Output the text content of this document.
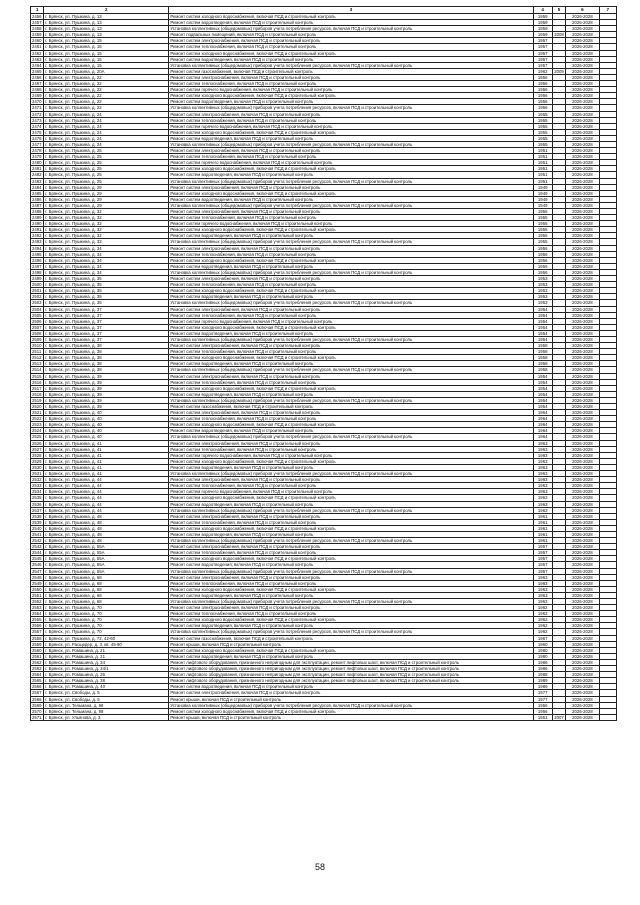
1	2	3	4	5	6	7
2456	г. Брянск, ул. Пушкина, д. 13	Ремонт систем холодного водоснабжения, включая ПСД и строительный контроль	1959		2026-2028	
2457	г. Брянск, ул. Пушкина, д. 13	Ремонт систем водоотведения, включая ПСД и строительный контроль	1959		2026-2028	
2458	г. Брянск, ул. Пушкина, д. 13	Установка коллективных (общедомовых) приборов учета потребления ресурсов, включая ПСД и строительный контроль	1959		2026-2028	
2459	г. Брянск, ул. Пушкина, д. 13	Ремонт подвальных помещений, включая ПСД и строительный контроль	1959	2008	2026-2028	
2460	г. Брянск, ул. Пушкина, д. 15	Ремонт систем электроснабжения, включая ПСД и строительный контроль	1957		2026-2028	
2461	г. Брянск, ул. Пушкина, д. 15	Ремонт систем теплоснабжения, включая ПСД и строительный контроль	1957		2026-2028	
2462	г. Брянск, ул. Пушкина, д. 15	Ремонт систем холодного водоснабжения, включая ПСД и строительный контроль	1957		2026-2028	
2463	г. Брянск, ул. Пушкина, д. 15	Ремонт систем водоотведения, включая ПСД и строительный контроль	1957		2026-2028	
2464	г. Брянск, ул. Пушкина, д. 15	Установка коллективных (общедомовых) приборов учета потребления ресурсов, включая ПСД и строительный контроль	1957		2026-2028	
2465	г. Брянск, ул. Пушкина, д. 20А	Ремонт систем газоснабжения, включая ПСД и строительный контроль	1962	2009	2026-2028	
2466	г. Брянск, ул. Пушкина, д. 22	Ремонт систем электроснабжения, включая ПСД и строительный контроль	1956		2026-2028	
2467	г. Брянск, ул. Пушкина, д. 22	Ремонт систем теплоснабжения, включая ПСД и строительный контроль	1956		2026-2028	
2468	г. Брянск, ул. Пушкина, д. 22	Ремонт систем горячего водоснабжения, включая ПСД и строительный контроль	1956		2026-2028	
2469	г. Брянск, ул. Пушкина, д. 22	Ремонт систем холодного водоснабжения, включая ПСД и строительный контроль	1956		2026-2028	
2470	г. Брянск, ул. Пушкина, д. 22	Ремонт систем водоотведения, включая ПСД и строительный контроль	1956		2026-2028	
2471	г. Брянск, ул. Пушкина, д. 22	Установка коллективных (общедомовых) приборов учета потребления ресурсов, включая ПСД и строительный контроль	1956		2026-2028	
2472	г. Брянск, ул. Пушкина, д. 24	Ремонт систем электроснабжения, включая ПСД и строительный контроль	1955		2026-2028	
2473	г. Брянск, ул. Пушкина, д. 24	Ремонт систем теплоснабжения, включая ПСД и строительный контроль	1955		2026-2028	
2474	г. Брянск, ул. Пушкина, д. 24	Ремонт систем горячего водоснабжения, включая ПСД и строительный контроль	1955		2026-2028	
2475	г. Брянск, ул. Пушкина, д. 24	Ремонт систем холодного водоснабжения, включая ПСД и строительный контроль	1955		2026-2028	
2476	г. Брянск, ул. Пушкина, д. 24	Ремонт систем водоотведения, включая ПСД и строительный контроль	1955		2026-2028	
2477	г. Брянск, ул. Пушкина, д. 24	Установка коллективных (общедомовых) приборов учета потребления ресурсов, включая ПСД и строительный контроль	1955		2026-2028	
2478	г. Брянск, ул. Пушкина, д. 25	Ремонт систем электроснабжения, включая ПСД и строительный контроль	1951		2026-2028	
2479	г. Брянск, ул. Пушкина, д. 25	Ремонт систем теплоснабжения, включая ПСД и строительный контроль	1951		2026-2028	
2480	г. Брянск, ул. Пушкина, д. 25	Ремонт систем горячего водоснабжения, включая ПСД и строительный контроль	1951		2026-2028	
2481	г. Брянск, ул. Пушкина, д. 25	Ремонт систем холодного водоснабжения, включая ПСД и строительный контроль	1951		2026-2028	
2482	г. Брянск, ул. Пушкина, д. 25	Ремонт систем водоотведения, включая ПСД и строительный контроль	1951		2026-2028	
2483	г. Брянск, ул. Пушкина, д. 25	Установка коллективных (общедомовых) приборов учета потребления ресурсов, включая ПСД и строительный контроль	1951		2026-2028	
2484	г. Брянск, ул. Пушкина, д. 29	Ремонт систем электроснабжения, включая ПСД и строительный контроль	1949		2026-2028	
2485	г. Брянск, ул. Пушкина, д. 29	Ремонт систем холодного водоснабжения, включая ПСД и строительный контроль	1949		2026-2028	
2486	г. Брянск, ул. Пушкина, д. 29	Ремонт систем водоотведения, включая ПСД и строительный контроль	1949		2026-2028	
2487	г. Брянск, ул. Пушкина, д. 29	Установка коллективных (общедомовых) приборов учета потребления ресурсов, включая ПСД и строительный контроль	1949		2026-2028	
2488	г. Брянск, ул. Пушкина, д. 32	Ремонт систем электроснабжения, включая ПСД и строительный контроль	1955		2026-2028	
2489	г. Брянск, ул. Пушкина, д. 32	Ремонт систем теплоснабжения, включая ПСД и строительный контроль	1955		2026-2028	
2490	г. Брянск, ул. Пушкина, д. 32	Ремонт систем горячего водоснабжения, включая ПСД и строительный контроль	1955		2026-2028	
2491	г. Брянск, ул. Пушкина, д. 32	Ремонт систем холодного водоснабжения, включая ПСД и строительный контроль	1955		2026-2028	
2492	г. Брянск, ул. Пушкина, д. 32	Ремонт систем водоотведения, включая ПСД и строительный контроль	1955		2026-2028	
2493	г. Брянск, ул. Пушкина, д. 32	Установка коллективных (общедомовых) приборов учета потребления ресурсов, включая ПСД и строительный контроль	1955		2026-2028	
2494	г. Брянск, ул. Пушкина, д. 34	Ремонт систем электроснабжения, включая ПСД и строительный контроль	1956		2026-2028	
2495	г. Брянск, ул. Пушкина, д. 34	Ремонт систем теплоснабжения, включая ПСД и строительный контроль	1956		2026-2028	
2496	г. Брянск, ул. Пушкина, д. 34	Ремонт систем холодного водоснабжения, включая ПСД и строительный контроль	1956		2026-2028	
2497	г. Брянск, ул. Пушкина, д. 34	Ремонт систем водоотведения, включая ПСД и строительный контроль	1956		2026-2028	
2498	г. Брянск, ул. Пушкина, д. 34	Установка коллективных (общедомовых) приборов учета потребления ресурсов, включая ПСД и строительный контроль	1956		2026-2028	
2499	г. Брянск, ул. Пушкина, д. 35	Ремонт систем электроснабжения, включая ПСД и строительный контроль	1953		2026-2028	
2500	г. Брянск, ул. Пушкина, д. 35	Ремонт систем теплоснабжения, включая ПСД и строительный контроль	1953		2026-2028	
2501	г. Брянск, ул. Пушкина, д. 35	Ремонт систем холодного водоснабжения, включая ПСД и строительный контроль	1953		2026-2028	
2502	г. Брянск, ул. Пушкина, д. 35	Ремонт систем водоотведения, включая ПСД и строительный контроль	1953		2026-2028	
2503	г. Брянск, ул. Пушкина, д. 35	Установка коллективных (общедомовых) приборов учета потребления ресурсов, включая ПСД и строительный контроль	1953		2026-2028	
2504	г. Брянск, ул. Пушкина, д. 37	Ремонт систем электроснабжения, включая ПСД и строительный контроль	1954		2026-2028	
2505	г. Брянск, ул. Пушкина, д. 37	Ремонт систем теплоснабжения, включая ПСД и строительный контроль	1954		2026-2028	
2506	г. Брянск, ул. Пушкина, д. 37	Ремонт систем горячего водоснабжения, включая ПСД и строительный контроль	1954		2026-2028	
2507	г. Брянск, ул. Пушкина, д. 37	Ремонт систем холодного водоснабжения, включая ПСД и строительный контроль	1954		2026-2028	
2508	г. Брянск, ул. Пушкина, д. 37	Ремонт систем водоотведения, включая ПСД и строительный контроль	1954		2026-2028	
2509	г. Брянск, ул. Пушкина, д. 37	Установка коллективных (общедомовых) приборов учета потребления ресурсов, включая ПСД и строительный контроль	1954		2026-2028	
2510	г. Брянск, ул. Пушкина, д. 38	Ремонт систем электроснабжения, включая ПСД и строительный контроль	1958		2026-2028	
2511	г. Брянск, ул. Пушкина, д. 38	Ремонт систем теплоснабжения, включая ПСД и строительный контроль	1958		2026-2028	
2512	г. Брянск, ул. Пушкина, д. 38	Ремонт систем холодного водоснабжения, включая ПСД и строительный контроль	1958		2026-2028	
2513	г. Брянск, ул. Пушкина, д. 38	Ремонт систем водоотведения, включая ПСД и строительный контроль	1958		2026-2028	
2514	г. Брянск, ул. Пушкина, д. 38	Установка коллективных (общедомовых) приборов учета потребления ресурсов, включая ПСД и строительный контроль	1958		2026-2028	
2515	г. Брянск, ул. Пушкина, д. 39	Ремонт систем электроснабжения, включая ПСД и строительный контроль	1954		2026-2028	
2516	г. Брянск, ул. Пушкина, д. 39	Ремонт систем теплоснабжения, включая ПСД и строительный контроль	1954		2026-2028	
2517	г. Брянск, ул. Пушкина, д. 39	Ремонт систем холодного водоснабжения, включая ПСД и строительный контроль	1954		2026-2028	
2518	г. Брянск, ул. Пушкина, д. 39	Ремонт систем водоотведения, включая ПСД и строительный контроль	1954		2026-2028	
2519	г. Брянск, ул. Пушкина, д. 39	Установка коллективных (общедомовых) приборов учета потребления ресурсов, включая ПСД и строительный контроль	1954		2026-2028	
2520	г. Брянск, ул. Пушкина, д. 39	Ремонт систем газоснабжения, включая ПСД и строительный контроль	1954		2026-2028	
2521	г. Брянск, ул. Пушкина, д. 40	Ремонт систем электроснабжения, включая ПСД и строительный контроль	1964		2026-2028	
2522	г. Брянск, ул. Пушкина, д. 40	Ремонт систем теплоснабжения, включая ПСД и строительный контроль	1964		2026-2028	
2523	г. Брянск, ул. Пушкина, д. 40	Ремонт систем холодного водоснабжения, включая ПСД и строительный контроль	1964		2026-2028	
2524	г. Брянск, ул. Пушкина, д. 40	Ремонт систем водоотведения, включая ПСД и строительный контроль	1964		2026-2028	
2525	г. Брянск, ул. Пушкина, д. 40	Установка коллективных (общедомовых) приборов учета потребления ресурсов, включая ПСД и строительный контроль	1964		2026-2028	
2526	г. Брянск, ул. Пушкина, д. 41	Ремонт систем электроснабжения, включая ПСД и строительный контроль	1963		2026-2028	
2527	г. Брянск, ул. Пушкина, д. 41	Ремонт систем теплоснабжения, включая ПСД и строительный контроль	1963		2026-2028	
2528	г. Брянск, ул. Пушкина, д. 41	Ремонт систем горячего водоснабжения, включая ПСД и строительный контроль	1963		2026-2028	
2529	г. Брянск, ул. Пушкина, д. 41	Ремонт систем холодного водоснабжения, включая ПСД и строительный контроль	1963		2026-2028	
2530	г. Брянск, ул. Пушкина, д. 41	Ремонт систем водоотведения, включая ПСД и строительный контроль	1963		2026-2028	
2531	г. Брянск, ул. Пушкина, д. 41	Установка коллективных (общедомовых) приборов учета потребления ресурсов, включая ПСД и строительный контроль	1963		2026-2028	
2532	г. Брянск, ул. Пушкина, д. 44	Ремонт систем электроснабжения, включая ПСД и строительный контроль	1963		2026-2028	
2533	г. Брянск, ул. Пушкина, д. 44	Ремонт систем теплоснабжения, включая ПСД и строительный контроль	1963		2026-2028	
2534	г. Брянск, ул. Пушкина, д. 44	Ремонт систем горячего водоснабжения, включая ПСД и строительный контроль	1963		2026-2028	
2535	г. Брянск, ул. Пушкина, д. 44	Ремонт систем холодного водоснабжения, включая ПСД и строительный контроль	1963		2026-2028	
2536	г. Брянск, ул. Пушкина, д. 44	Ремонт систем водоотведения, включая ПСД и строительный контроль	1963		2026-2028	
2537	г. Брянск, ул. Пушкина, д. 44	Установка коллективных (общедомовых) приборов учета потребления ресурсов, включая ПСД и строительный контроль	1963		2026-2028	
2538	г. Брянск, ул. Пушкина, д. 48	Ремонт систем электроснабжения, включая ПСД и строительный контроль	1961		2026-2028	
2539	г. Брянск, ул. Пушкина, д. 48	Ремонт систем теплоснабжения, включая ПСД и строительный контроль	1961		2026-2028	
2540	г. Брянск, ул. Пушкина, д. 48	Ремонт систем холодного водоснабжения, включая ПСД и строительный контроль	1961		2026-2028	
2541	г. Брянск, ул. Пушкина, д. 48	Ремонт систем водоотведения, включая ПСД и строительный контроль	1961		2026-2028	
2542	г. Брянск, ул. Пушкина, д. 48	Установка коллективных (общедомовых) приборов учета потребления ресурсов, включая ПСД и строительный контроль	1961		2026-2028	
2543	г. Брянск, ул. Пушкина, д. 55А	Ремонт систем электроснабжения, включая ПСД и строительный контроль	1957		2026-2028	
2544	г. Брянск, ул. Пушкина, д. 55А	Ремонт систем теплоснабжения, включая ПСД и строительный контроль	1957		2026-2028	
2545	г. Брянск, ул. Пушкина, д. 55А	Ремонт систем холодного водоснабжения, включая ПСД и строительный контроль	1957		2026-2028	
2546	г. Брянск, ул. Пушкина, д. 55А	Ремонт систем водоотведения, включая ПСД и строительный контроль	1957		2026-2028	
2547	г. Брянск, ул. Пушкина, д. 55А	Установка коллективных (общедомовых) приборов учета потребления ресурсов, включая ПСД и строительный контроль	1957		2026-2028	
2548	г. Брянск, ул. Пушкина, д. 68	Ремонт систем электроснабжения, включая ПСД и строительный контроль	1963		2026-2028	
2549	г. Брянск, ул. Пушкина, д. 68	Ремонт систем теплоснабжения, включая ПСД и строительный контроль	1963		2026-2028	
2550	г. Брянск, ул. Пушкина, д. 68	Ремонт систем холодного водоснабжения, включая ПСД и строительный контроль	1963		2026-2028	
2551	г. Брянск, ул. Пушкина, д. 68	Ремонт систем водоотведения, включая ПСД и строительный контроль	1963		2026-2028	
2552	г. Брянск, ул. Пушкина, д. 68	Установка коллективных (общедомовых) приборов учета потребления ресурсов, включая ПСД и строительный контроль	1963		2026-2028	
2553	г. Брянск, ул. Пушкина, д. 70	Ремонт систем электроснабжения, включая ПСД и строительный контроль	1962		2026-2028	
2554	г. Брянск, ул. Пушкина, д. 70	Ремонт систем теплоснабжения, включая ПСД и строительный контроль	1962		2026-2028	
2555	г. Брянск, ул. Пушкина, д. 70	Ремонт систем холодного водоснабжения, включая ПСД и строительный контроль	1962		2026-2028	
2556	г. Брянск, ул. Пушкина, д. 70	Ремонт систем водоотведения, включая ПСД и строительный контроль	1962		2026-2028	
2557	г. Брянск, ул. Пушкина, д. 70	Установка коллективных (общедомовых) приборов учета потребления ресурсов, включая ПСД и строительный контроль	1962		2026-2028	
2558	г. Брянск, ул. Пушкина, д. 72, 42-60	Ремонт систем газоснабжения, включая ПСД и строительный контроль	1967		2026-2028	
2559	г. Брянск, ул. Расщедер, д. 3, кв. 45-90	Ремонт крыши, включая ПСД и строительный контроль	1960		2026-2028	
2560	г. Брянск, ул. Ромашина, д. 21	Ремонт систем холодного водоснабжения, включая ПСД и строительный контроль	1980		2026-2028	
2561	г. Брянск, ул. Ромашина, д. 21	Ремонт систем водоотведения, включая ПСД и строительный контроль	1980		2026-2028	
2562	г. Брянск, ул. Ромашина, д. 34	Ремонт лифтового оборудования, признанного непригодным для эксплуатации, ремонт лифтовых шахт, включая ПСД и строительный контроль	1986		2026-2028	
2563	г. Брянск, ул. Ромашина, д. 34/1	Ремонт лифтового оборудования, признанного непригодным для эксплуатации, ремонт лифтовых шахт, включая ПСД и строительный контроль	1986		2026-2028	
2564	г. Брянск, ул. Ромашина, д. 36	Ремонт лифтового оборудования, признанного непригодным для эксплуатации, ремонт лифтовых шахт, включая ПСД и строительный контроль	1988		2026-2028	
2565	г. Брянск, ул. Ромашина, д. 38	Ремонт лифтового оборудования, признанного непригодным для эксплуатации, ремонт лифтовых шахт, включая ПСД и строительный контроль	1989		2026-2028	
2566	г. Брянск, ул. Ромашина, д. 40	Ремонт систем водоотведения, включая ПСД и строительный контроль	1989		2026-2028	
2567	г. Брянск, ул. Свободы, д. 5	Ремонт систем электроснабжения, включая ПСД и строительный контроль	1977		2026-2028	
2568	г. Брянск, ул. Свободы, д. 5	Ремонт крыши, включая ПСД и строительный контроль	1977		2026-2028	
2569	г. Брянск, ул. Тельмана, д. 98	Установка коллективных (общедомовых) приборов учета потребления ресурсов, включая ПСД и строительный контроль	1956		2026-2028	
2570	г. Брянск, ул. Тельмана, д. 98	Ремонт систем холодного водоснабжения, включая ПСД и строительный контроль	1956		2026-2028	
2571	г. Брянск, ул. Ульянова, д. 3	Ремонт крыши, включая ПСД и строительный контроль	1951	2007	2026-2028	
58
